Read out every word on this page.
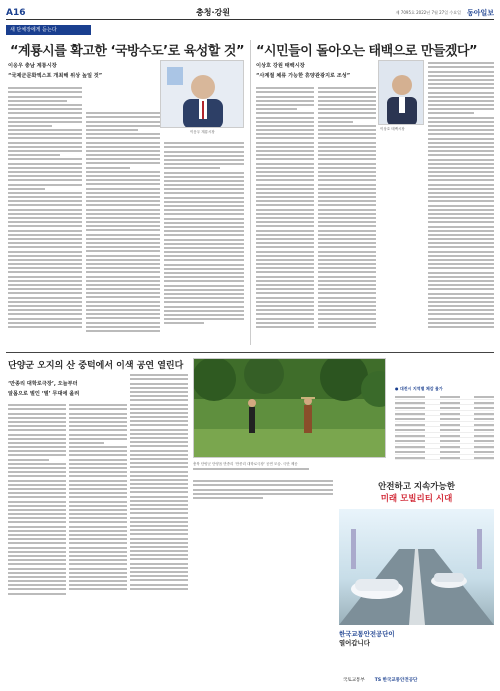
A16	충청·강원	제 7095호 2022년 7월 27일 수요일 동아일보
새 단체장에게 듣는다
“계룡시를 확고한 ‘국방수도’로 육성할 것”
이응우 충남 계룡시장
“국제군문화엑스포 개최해 위상 높일 것”
이응우 계룡시장
“시민들이 돌아오는 태백으로 만들겠다”
이상호 강원 태백시장
“사계절 체류 가능한 휴양관광지로 조성”
이상호 태백시장
단양군 오지의 산 중턱에서 이색 공연 열린다
‘만종리 대학로극장’, 오늘부터
알몸으로 벌인 ‘벌’ 무대에 올려
충북 단양군 단양읍 만종리 ‘만종리 대학로극장’ 공연 모습. 극단 제공
● 대전시 지역별 체감 물가
안전하고 지속가능한
미래 모빌리티 시대
한국교통안전공단이
열어갑니다
국토교통부 TS 한국교통안전공단
